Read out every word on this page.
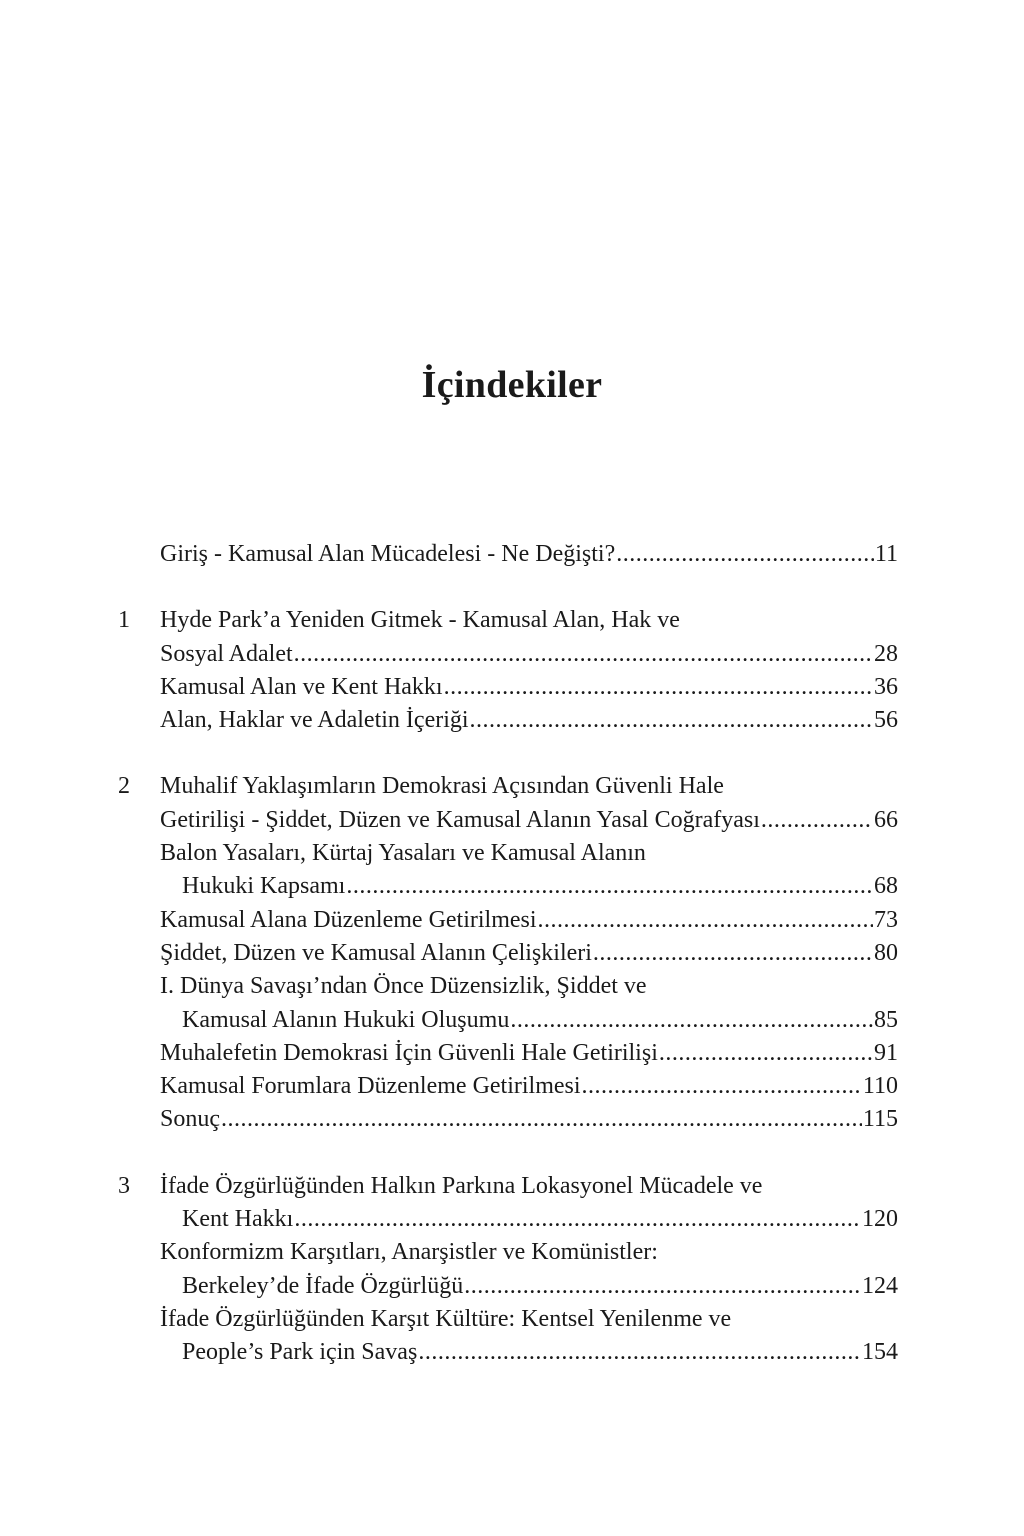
İçindekiler
Giriş - Kamusal Alan Mücadelesi - Ne Değişti? .....	11
1 Hyde Park’a Yeniden Gitmek - Kamusal Alan, Hak ve
Sosyal Adalet .....	28
Kamusal Alan ve Kent Hakkı .....	36
Alan, Haklar ve Adaletin İçeriği .....	56
2 Muhalif Yaklaşımların Demokrasi Açısından Güvenli Hale
Getirilişi - Şiddet, Düzen ve Kamusal Alanın Yasal Coğrafyası .....	66
Balon Yasaları, Kürtaj Yasaları ve Kamusal Alanın
Hukuki Kapsamı .....	68
Kamusal Alana Düzenleme Getirilmesi .....	73
Şiddet, Düzen ve Kamusal Alanın Çelişkileri .....	80
I. Dünya Savaşı’ndan Önce Düzensizlik, Şiddet ve
Kamusal Alanın Hukuki Oluşumu .....	85
Muhalefetin Demokrasi İçin Güvenli Hale Getirilişi .....	91
Kamusal Forumlara Düzenleme Getirilmesi .....	110
Sonuç .....	115
3 İfade Özgürlüğünden Halkın Parkına Lokasyonel Mücadele ve
Kent Hakkı .....	120
Konformizm Karşıtları, Anarşistler ve Komünistler:
Berkeley’de İfade Özgürlüğü .....	124
İfade Özgürlüğünden Karşıt Kültüre: Kentsel Yenilenme ve
People’s Park için Savaş .....	154
